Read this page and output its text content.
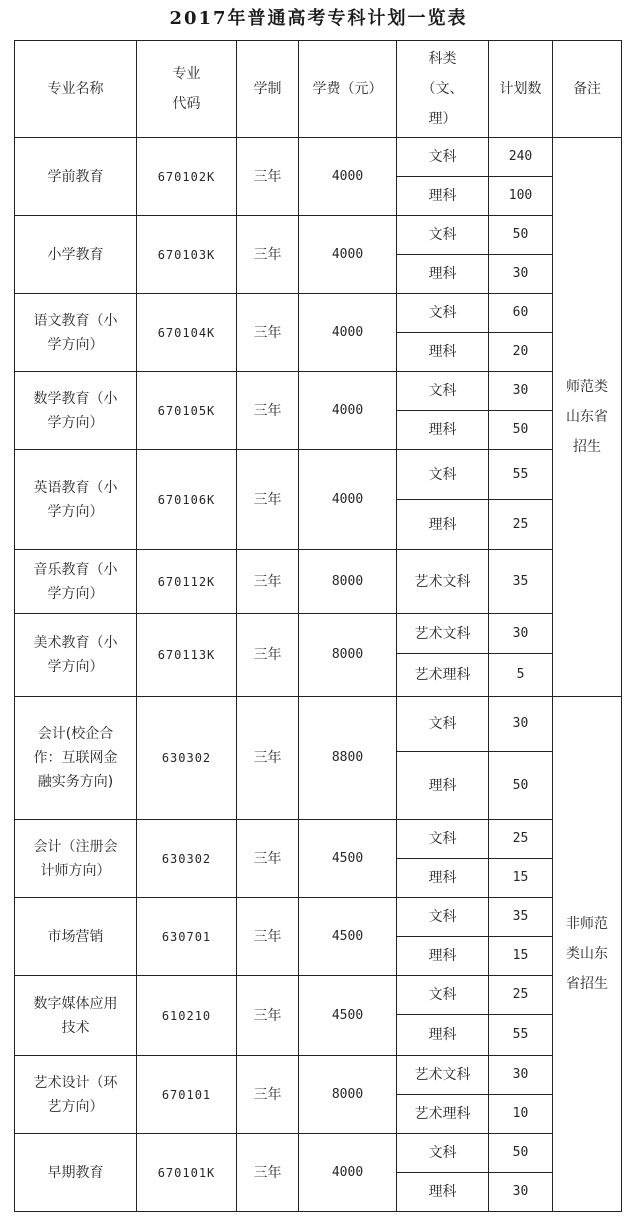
2017年普通高考专科计划一览表
专业名称	专业代码	学制	学费（元）	科类（文、理）	计划数	备注
学前教育	670102K	三年	4000	文科	240	师范类山东省招生
				理科	100	
小学教育	670103K	三年	4000	文科	50	
				理科	30	
语文教育（小学方向）	670104K	三年	4000	文科	60	
				理科	20	
数学教育（小学方向）	670105K	三年	4000	文科	30	
				理科	50	
英语教育（小学方向）	670106K	三年	4000	文科	55	
				理科	25	
音乐教育（小学方向）	670112K	三年	8000	艺术文科	35	
美术教育（小学方向）	670113K	三年	8000	艺术文科	30	
				艺术理科	5	
会计(校企合作：互联网金融实务方向)	630302	三年	8800	文科	30	非师范类山东省招生
				理科	50	
会计（注册会计师方向）	630302	三年	4500	文科	25	
				理科	15	
市场营销	630701	三年	4500	文科	35	
				理科	15	
数字媒体应用技术	610210	三年	4500	文科	25	
				理科	55	
艺术设计（环艺方向）	670101	三年	8000	艺术文科	30	
				艺术理科	10	
早期教育	670101K	三年	4000	文科	50	
				理科	30	
